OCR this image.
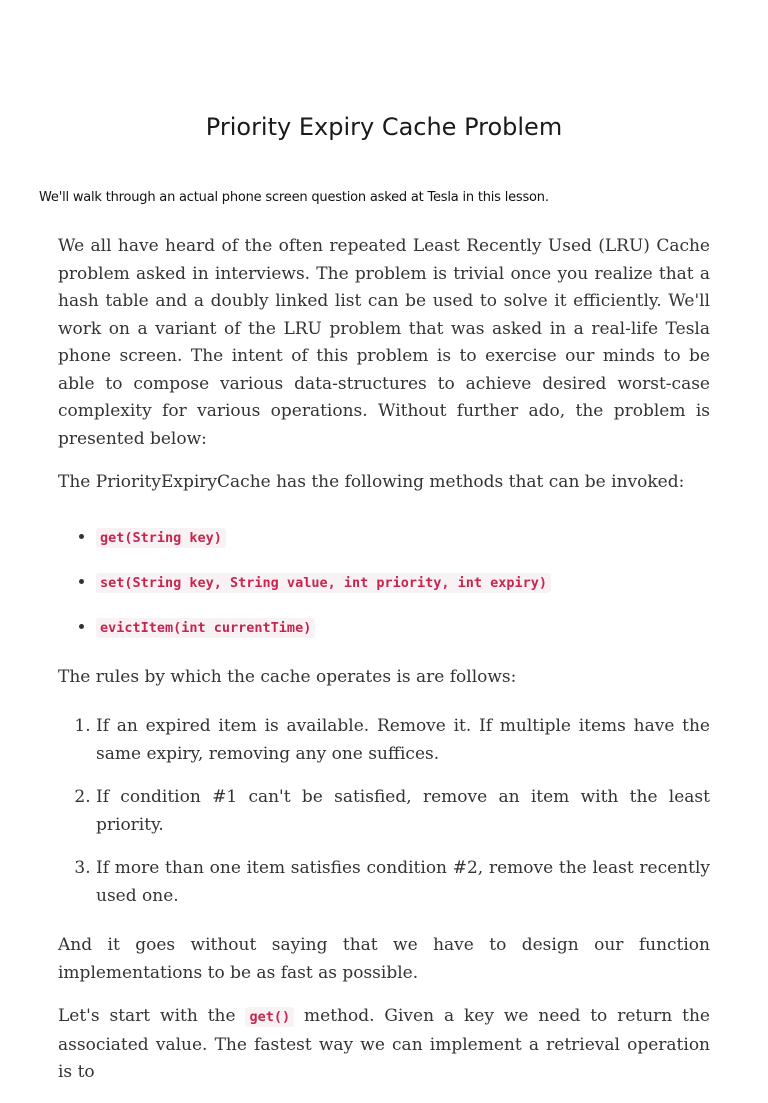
Priority Expiry Cache Problem

We'll walk through an actual phone screen question asked at Tesla in this lesson.

We all have heard of the often repeated Least Recently Used (LRU) Cache problem asked in interviews. The problem is trivial once you realize that a hash table and a doubly linked list can be used to solve it efficiently. We'll work on a variant of the LRU problem that was asked in a real-life Tesla phone screen. The intent of this problem is to exercise our minds to be able to compose various data-structures to achieve desired worst-case complexity for various operations. Without further ado, the problem is presented below:

The PriorityExpiryCache has the following methods that can be invoked:

• get(String key)
• set(String key, String value, int priority, int expiry)
• evictItem(int currentTime)

The rules by which the cache operates is are follows:

1. If an expired item is available. Remove it. If multiple items have the same expiry, removing any one suffices.
2. If condition #1 can't be satisfied, remove an item with the least priority.
3. If more than one item satisfies condition #2, remove the least recently used one.

And it goes without saying that we have to design our function implementations to be as fast as possible.

Let's start with the get() method. Given a key we need to return the associated value. The fastest way we can implement a retrieval operation is to
